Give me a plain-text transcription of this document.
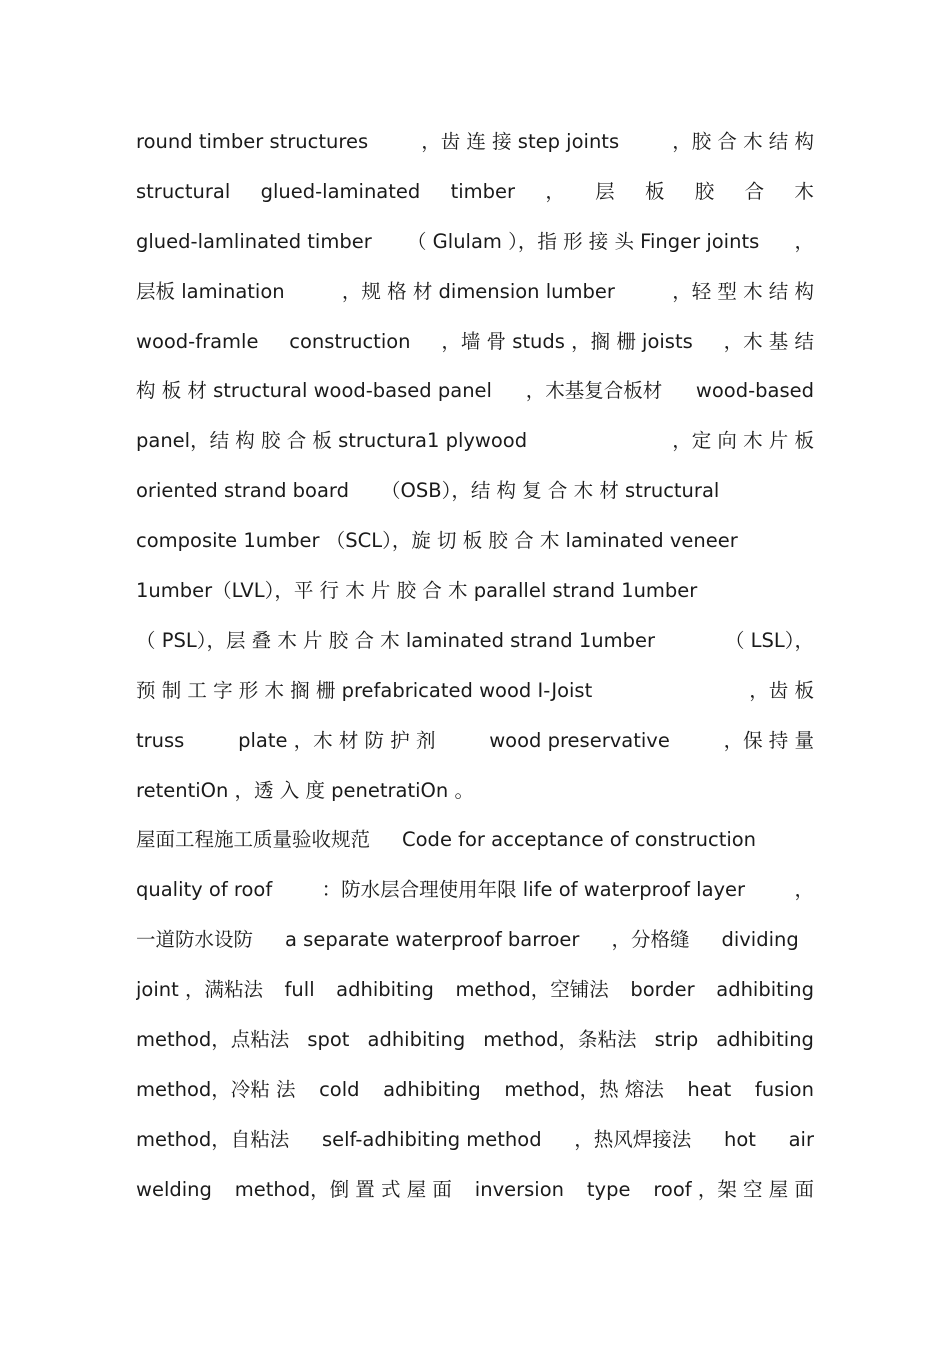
round timber structures	，齿 连 接 step joints	，胶 合 木 结 构
structural glued-laminated timber ， 层 板 胶 合 木
glued-lamlinated timber （ Glulam ），指 形 接 头 Finger joints ，
层板 lamination	，规 格 材 dimension lumber	，轻 型 木 结 构
wood-framle construction ，墙 骨 studs ，搁 栅 joists ，木 基 结
构 板 材 structural wood-based panel ，木基复合板材 wood-based
panel，结 构 胶 合 板 structura1 plywood	，定 向 木 片 板
oriented strand board （OSB），结 构 复 合 木 材 structural
composite 1umber （SCL），旋 切 板 胶 合 木 laminated veneer
1umber（LVL），平 行 木 片 胶 合 木 parallel strand 1umber
（ PSL），层 叠 木 片 胶 合 木 laminated strand 1umber	（ LSL），
预 制 工 字 形 木 搁 栅 prefabricated wood I-Joist	，齿 板
truss	plate ，木 材 防 护 剂	wood preservative	，保 持 量
retentiOn ，透 入 度 penetratiOn 。
屋面工程施工质量验收规范 Code for acceptance of construction
quality of roof	：防水层合理使用年限 life of waterproof layer	，
一道防水设防 a separate waterproof barroer ，分格缝 dividing
joint ，满粘法 full adhibiting method，空铺法 border adhibiting
method，点粘法 spot adhibiting method，条粘法 strip adhibiting
method，冷粘 法 cold adhibiting method，热 熔法 heat fusion
method，自粘法 self-adhibiting method ，热风焊接法 hot air
welding method，倒 置 式 屋 面 inversion type roof ，架 空 屋 面
